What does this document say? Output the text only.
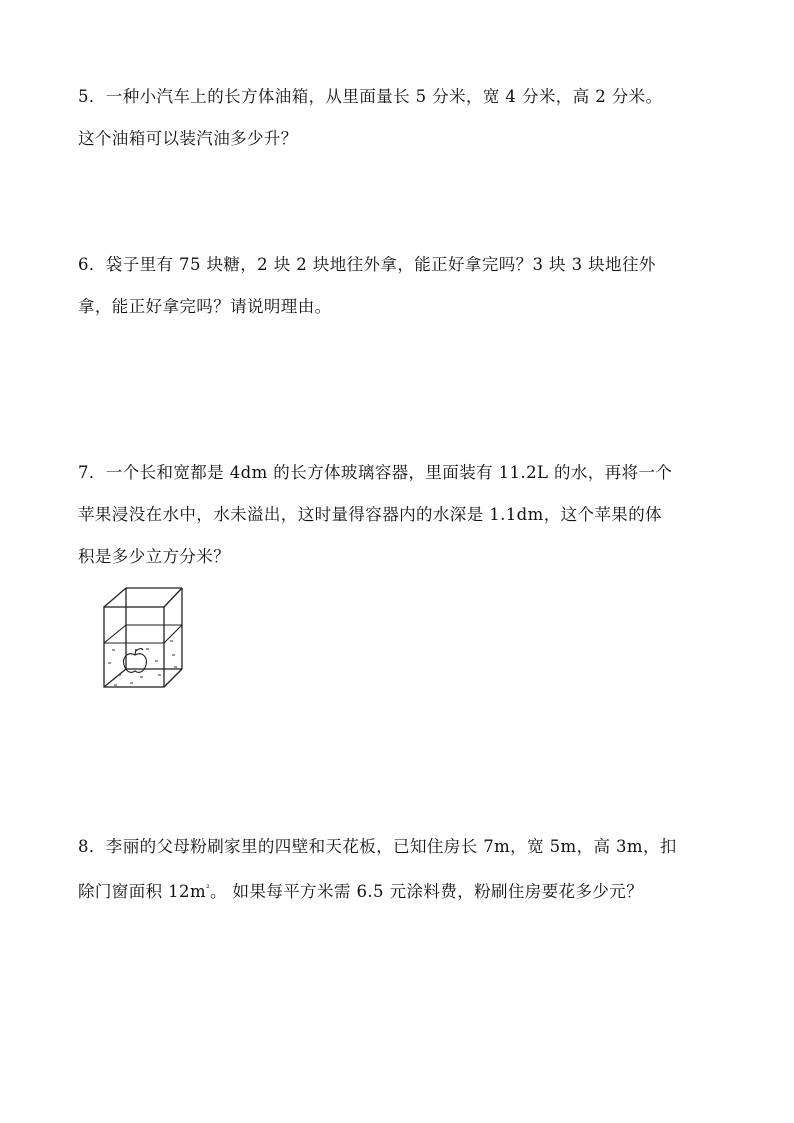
5．一种小汽车上的长方体油箱，从里面量长 5 分米，宽 4 分米，高 2 分米。
这个油箱可以装汽油多少升？
6．袋子里有 75 块糖，2 块 2 块地往外拿，能正好拿完吗？3 块 3 块地往外
拿，能正好拿完吗？请说明理由。
7．一个长和宽都是 4dm 的长方体玻璃容器，里面装有 11.2L 的水，再将一个
苹果浸没在水中，水未溢出，这时量得容器内的水深是 1.1dm，这个苹果的体
积是多少立方分米？
8．李丽的父母粉刷家里的四壁和天花板，已知住房长 7m，宽 5m，高 3m，扣
除门窗面积 $12m^{^2}$。 如果每平方米需 6.5 元涂料费，粉刷住房要花多少元？
